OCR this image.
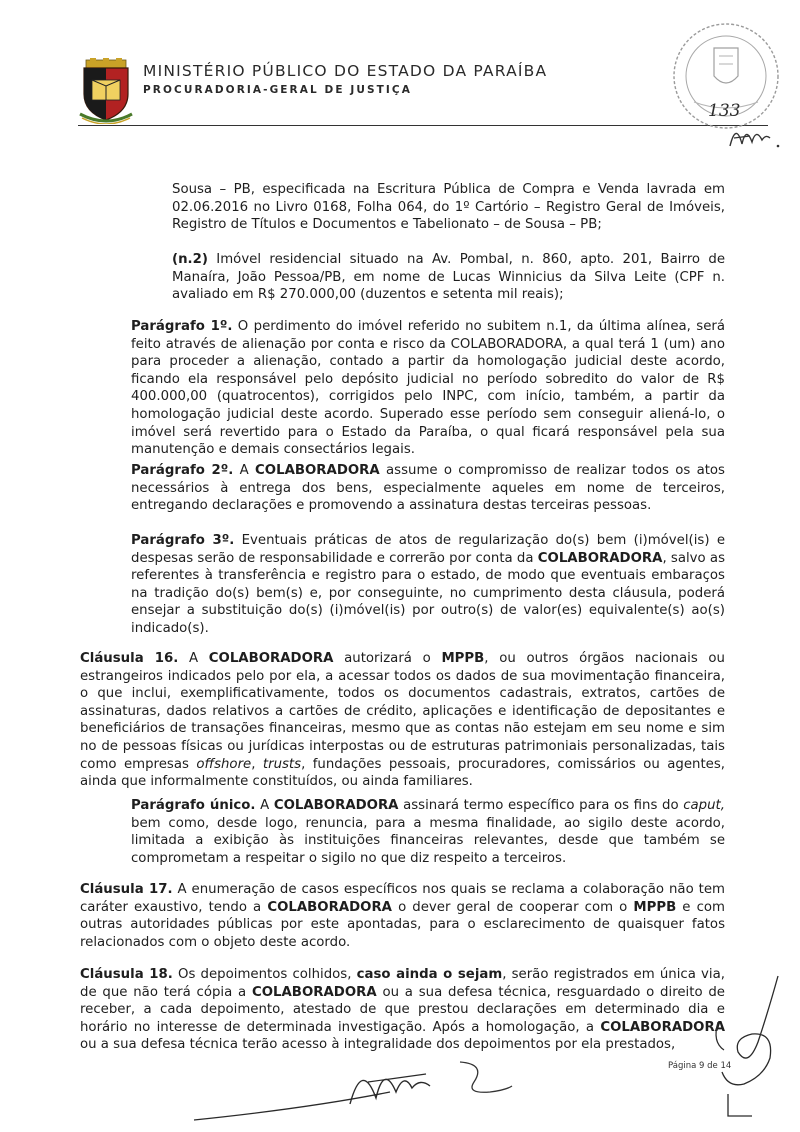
MINISTÉRIO PÚBLICO DO ESTADO DA PARAÍBA
PROCURADORIA-GERAL DE JUSTIÇA
133

Sousa – PB, especificada na Escritura Pública de Compra e Venda lavrada em 02.06.2016 no Livro 0168, Folha 064, do 1º Cartório – Registro Geral de Imóveis, Registro de Títulos e Documentos e Tabelionato – de Sousa – PB;

(n.2) Imóvel residencial situado na Av. Pombal, n. 860, apto. 201, Bairro de Manaíra, João Pessoa/PB, em nome de Lucas Winnicius da Silva Leite (CPF n. avaliado em R$ 270.000,00 (duzentos e setenta mil reais);

Parágrafo 1º. O perdimento do imóvel referido no subitem n.1, da última alínea, será feito através de alienação por conta e risco da COLABORADORA, a qual terá 1 (um) ano para proceder a alienação, contado a partir da homologação judicial deste acordo, ficando ela responsável pelo depósito judicial no período sobredito do valor de R$ 400.000,00 (quatrocentos), corrigidos pelo INPC, com início, também, a partir da homologação judicial deste acordo. Superado esse período sem conseguir aliená-lo, o imóvel será revertido para o Estado da Paraíba, o qual ficará responsável pela sua manutenção e demais consectários legais.

Parágrafo 2º. A COLABORADORA assume o compromisso de realizar todos os atos necessários à entrega dos bens, especialmente aqueles em nome de terceiros, entregando declarações e promovendo a assinatura destas terceiras pessoas.

Parágrafo 3º. Eventuais práticas de atos de regularização do(s) bem (i)móvel(is) e despesas serão de responsabilidade e correrão por conta da COLABORADORA, salvo as referentes à transferência e registro para o estado, de modo que eventuais embaraços na tradição do(s) bem(s) e, por conseguinte, no cumprimento desta cláusula, poderá ensejar a substituição do(s) (i)móvel(is) por outro(s) de valor(es) equivalente(s) ao(s) indicado(s).

Cláusula 16. A COLABORADORA autorizará o MPPB, ou outros órgãos nacionais ou estrangeiros indicados pelo por ela, a acessar todos os dados de sua movimentação financeira, o que inclui, exemplificativamente, todos os documentos cadastrais, extratos, cartões de assinaturas, dados relativos a cartões de crédito, aplicações e identificação de depositantes e beneficiários de transações financeiras, mesmo que as contas não estejam em seu nome e sim no de pessoas físicas ou jurídicas interpostas ou de estruturas patrimoniais personalizadas, tais como empresas offshore, trusts, fundações pessoais, procuradores, comissários ou agentes, ainda que informalmente constituídos, ou ainda familiares.

Parágrafo único. A COLABORADORA assinará termo específico para os fins do caput, bem como, desde logo, renuncia, para a mesma finalidade, ao sigilo deste acordo, limitada a exibição às instituições financeiras relevantes, desde que também se comprometam a respeitar o sigilo no que diz respeito a terceiros.

Cláusula 17. A enumeração de casos específicos nos quais se reclama a colaboração não tem caráter exaustivo, tendo a COLABORADORA o dever geral de cooperar com o MPPB e com outras autoridades públicas por este apontadas, para o esclarecimento de quaisquer fatos relacionados com o objeto deste acordo.

Cláusula 18. Os depoimentos colhidos, caso ainda o sejam, serão registrados em única via, de que não terá cópia a COLABORADORA ou a sua defesa técnica, resguardado o direito de receber, a cada depoimento, atestado de que prestou declarações em determinado dia e horário no interesse de determinada investigação. Após a homologação, a COLABORADORA ou a sua defesa técnica terão acesso à integralidade dos depoimentos por ela prestados,

Página 9 de 14
